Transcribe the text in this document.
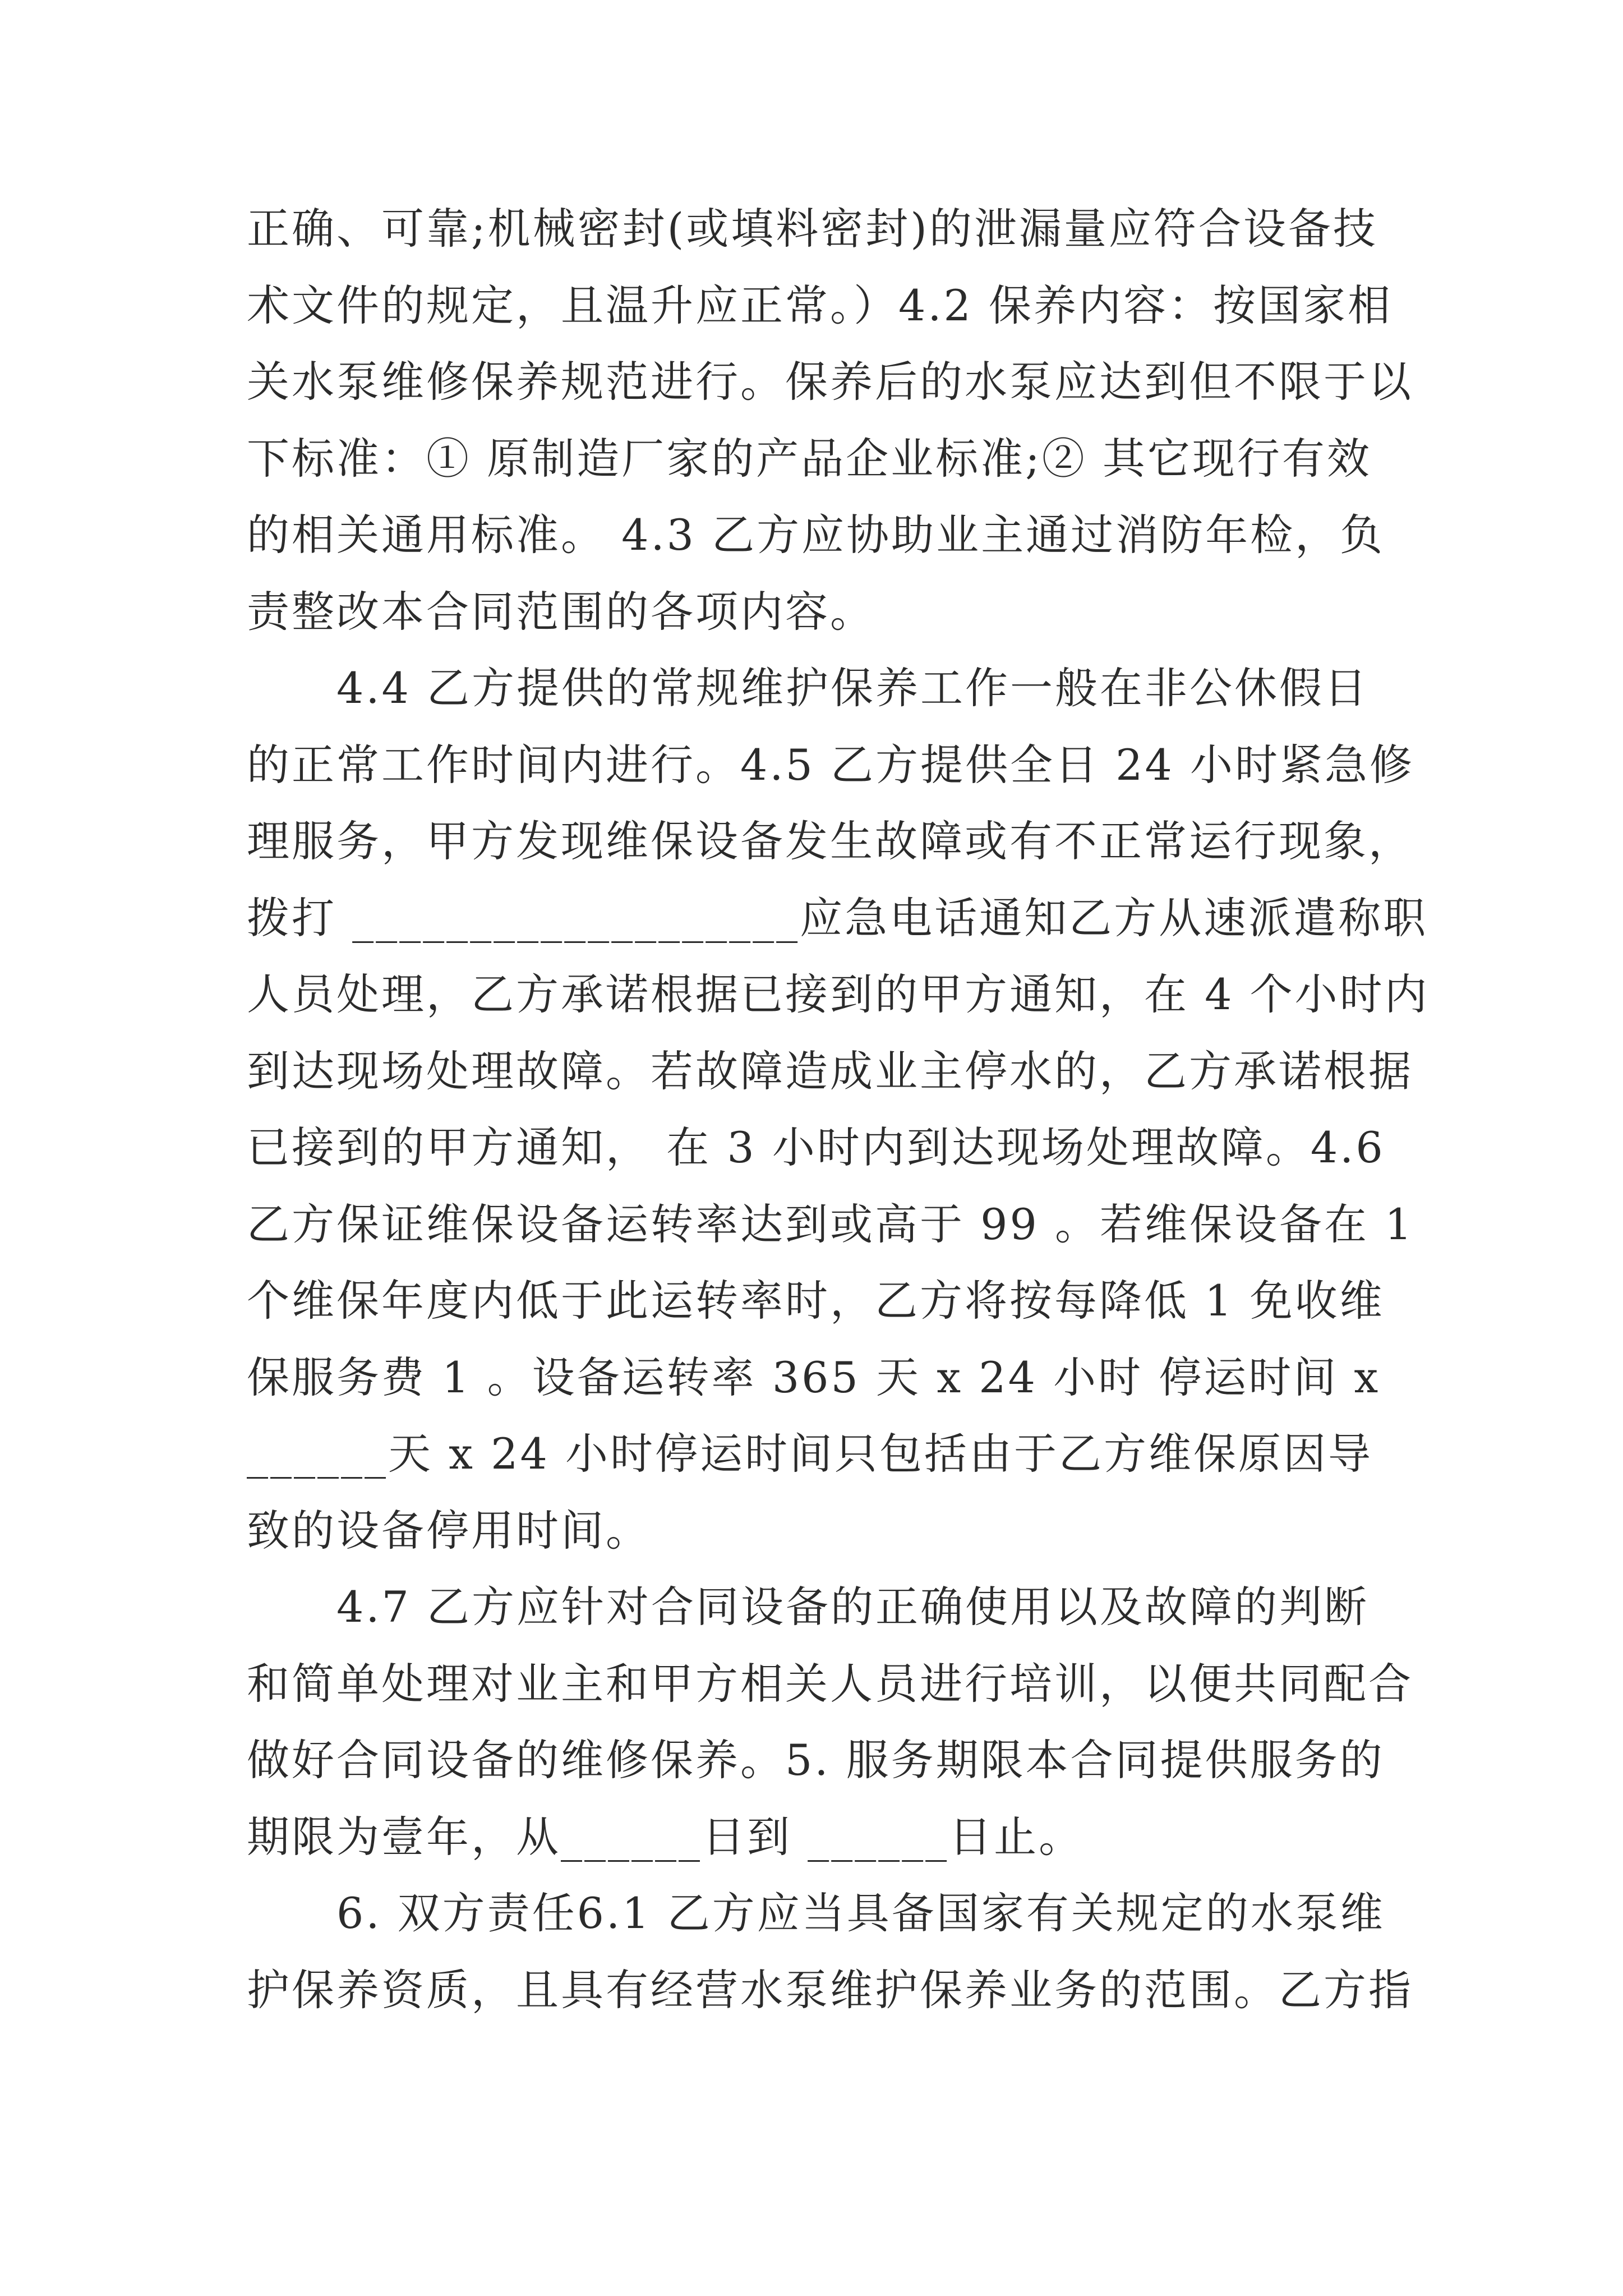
正确、可靠;机械密封(或填料密封)的泄漏量应符合设备技
术文件的规定，且温升应正常。）4.2 保养内容：按国家相
关水泵维修保养规范进行。保养后的水泵应达到但不限于以
下标准：① 原制造厂家的产品企业标准;② 其它现行有效
的相关通用标准。 4.3 乙方应协助业主通过消防年检，负
责整改本合同范围的各项内容。
4.4 乙方提供的常规维护保养工作一般在非公休假日
的正常工作时间内进行。4.5 乙方提供全日 24 小时紧急修
理服务，甲方发现维保设备发生故障或有不正常运行现象，
拨打 ___________________应急电话通知乙方从速派遣称职
人员处理，乙方承诺根据已接到的甲方通知，在 4 个小时内
到达现场处理故障。若故障造成业主停水的，乙方承诺根据
已接到的甲方通知， 在 3 小时内到达现场处理故障。4.6
乙方保证维保设备运转率达到或高于 99 。若维保设备在 1
个维保年度内低于此运转率时，乙方将按每降低 1 免收维
保服务费 1 。设备运转率 365 天 x 24 小时 停运时间 x
______天 x 24 小时停运时间只包括由于乙方维保原因导
致的设备停用时间。
4.7 乙方应针对合同设备的正确使用以及故障的判断
和简单处理对业主和甲方相关人员进行培训，以便共同配合
做好合同设备的维修保养。5. 服务期限本合同提供服务的
期限为壹年，从______日到 ______日止。
6. 双方责任6.1 乙方应当具备国家有关规定的水泵维
护保养资质，且具有经营水泵维护保养业务的范围。乙方指
